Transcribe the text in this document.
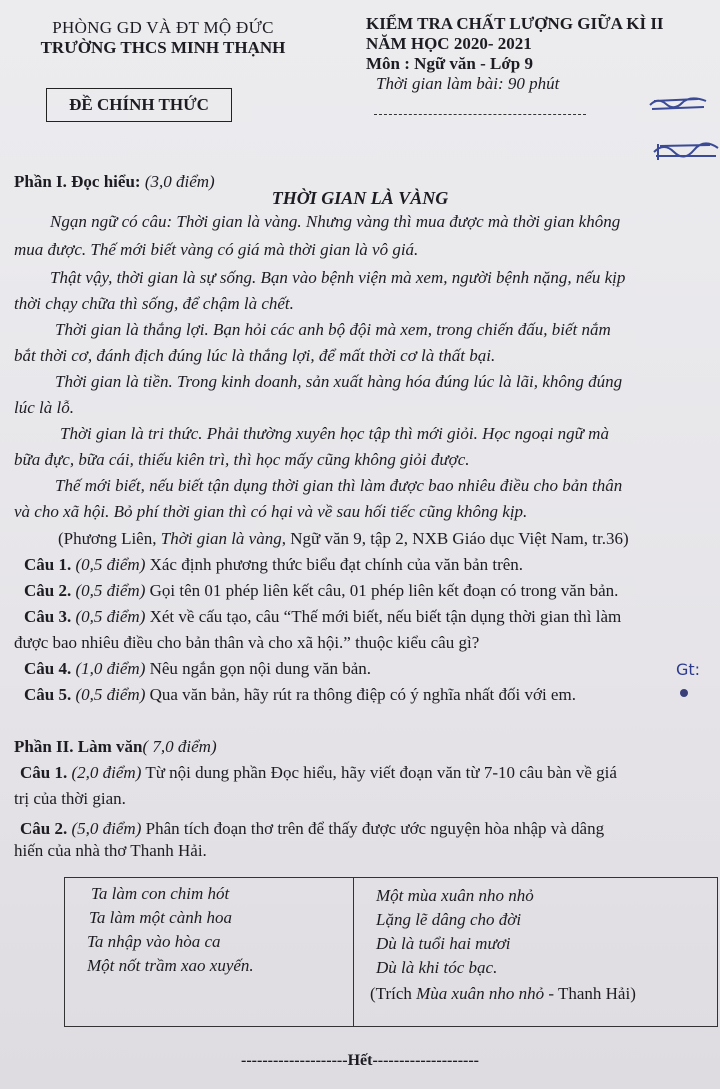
PHÒNG GD VÀ ĐT MỘ ĐỨC
TRƯỜNG THCS MINH THẠNH
ĐỀ CHÍNH THỨC
KIỂM TRA CHẤT LƯỢNG GIỮA KÌ II
NĂM HỌC 2020- 2021
Môn : Ngữ văn - Lớp 9
Thời gian làm bài: 90 phút
Phần I. Đọc hiểu: (3,0 điểm)
THỜI GIAN LÀ VÀNG
Ngạn ngữ có câu: Thời gian là vàng. Nhưng vàng thì mua được mà thời gian không
mua được. Thế mới biết vàng có giá mà thời gian là vô giá.
Thật vậy, thời gian là sự sống. Bạn vào bệnh viện mà xem, người bệnh nặng, nếu kịp
thời chạy chữa thì sống, để chậm là chết.
Thời gian là thắng lợi. Bạn hỏi các anh bộ đội mà xem, trong chiến đấu, biết nắm
bắt thời cơ, đánh địch đúng lúc là thắng lợi, để mất thời cơ là thất bại.
Thời gian là tiền. Trong kinh doanh, sản xuất hàng hóa đúng lúc là lãi, không đúng
lúc là lỗ.
Thời gian là tri thức. Phải thường xuyên học tập thì mới giỏi. Học ngoại ngữ mà
bữa đực, bữa cái, thiếu kiên trì, thì học mấy cũng không giỏi được.
Thế mới biết, nếu biết tận dụng thời gian thì làm được bao nhiêu điều cho bản thân
và cho xã hội. Bỏ phí thời gian thì có hại và về sau hối tiếc cũng không kịp.
(Phương Liên, Thời gian là vàng, Ngữ văn 9, tập 2, NXB Giáo dục Việt Nam, tr.36)
Câu 1. (0,5 điểm) Xác định phương thức biểu đạt chính của văn bản trên.
Câu 2. (0,5 điểm) Gọi tên 01 phép liên kết câu, 01 phép liên kết đoạn có trong văn bản.
Câu 3. (0,5 điểm) Xét về cấu tạo, câu “Thế mới biết, nếu biết tận dụng thời gian thì làm
được bao nhiêu điều cho bản thân và cho xã hội.” thuộc kiểu câu gì?
Câu 4. (1,0 điểm) Nêu ngắn gọn nội dung văn bản.
Câu 5. (0,5 điểm) Qua văn bản, hãy rút ra thông điệp có ý nghĩa nhất đối với em.
Gt:
Phần II. Làm văn( 7,0 điểm)
Câu 1. (2,0 điểm) Từ nội dung phần Đọc hiểu, hãy viết đoạn văn từ 7-10 câu bàn về giá
trị của thời gian.
Câu 2. (5,0 điểm) Phân tích đoạn thơ trên để thấy được ước nguyện hòa nhập và dâng
hiến của nhà thơ Thanh Hải.
Ta làm con chim hót
Ta làm một cành hoa
Ta nhập vào hòa ca
Một nốt trầm xao xuyến.
Một mùa xuân nho nhỏ
Lặng lẽ dâng cho đời
Dù là tuổi hai mươi
Dù là khi tóc bạc.
(Trích Mùa xuân nho nhỏ - Thanh Hải)
--------------------Hết--------------------
